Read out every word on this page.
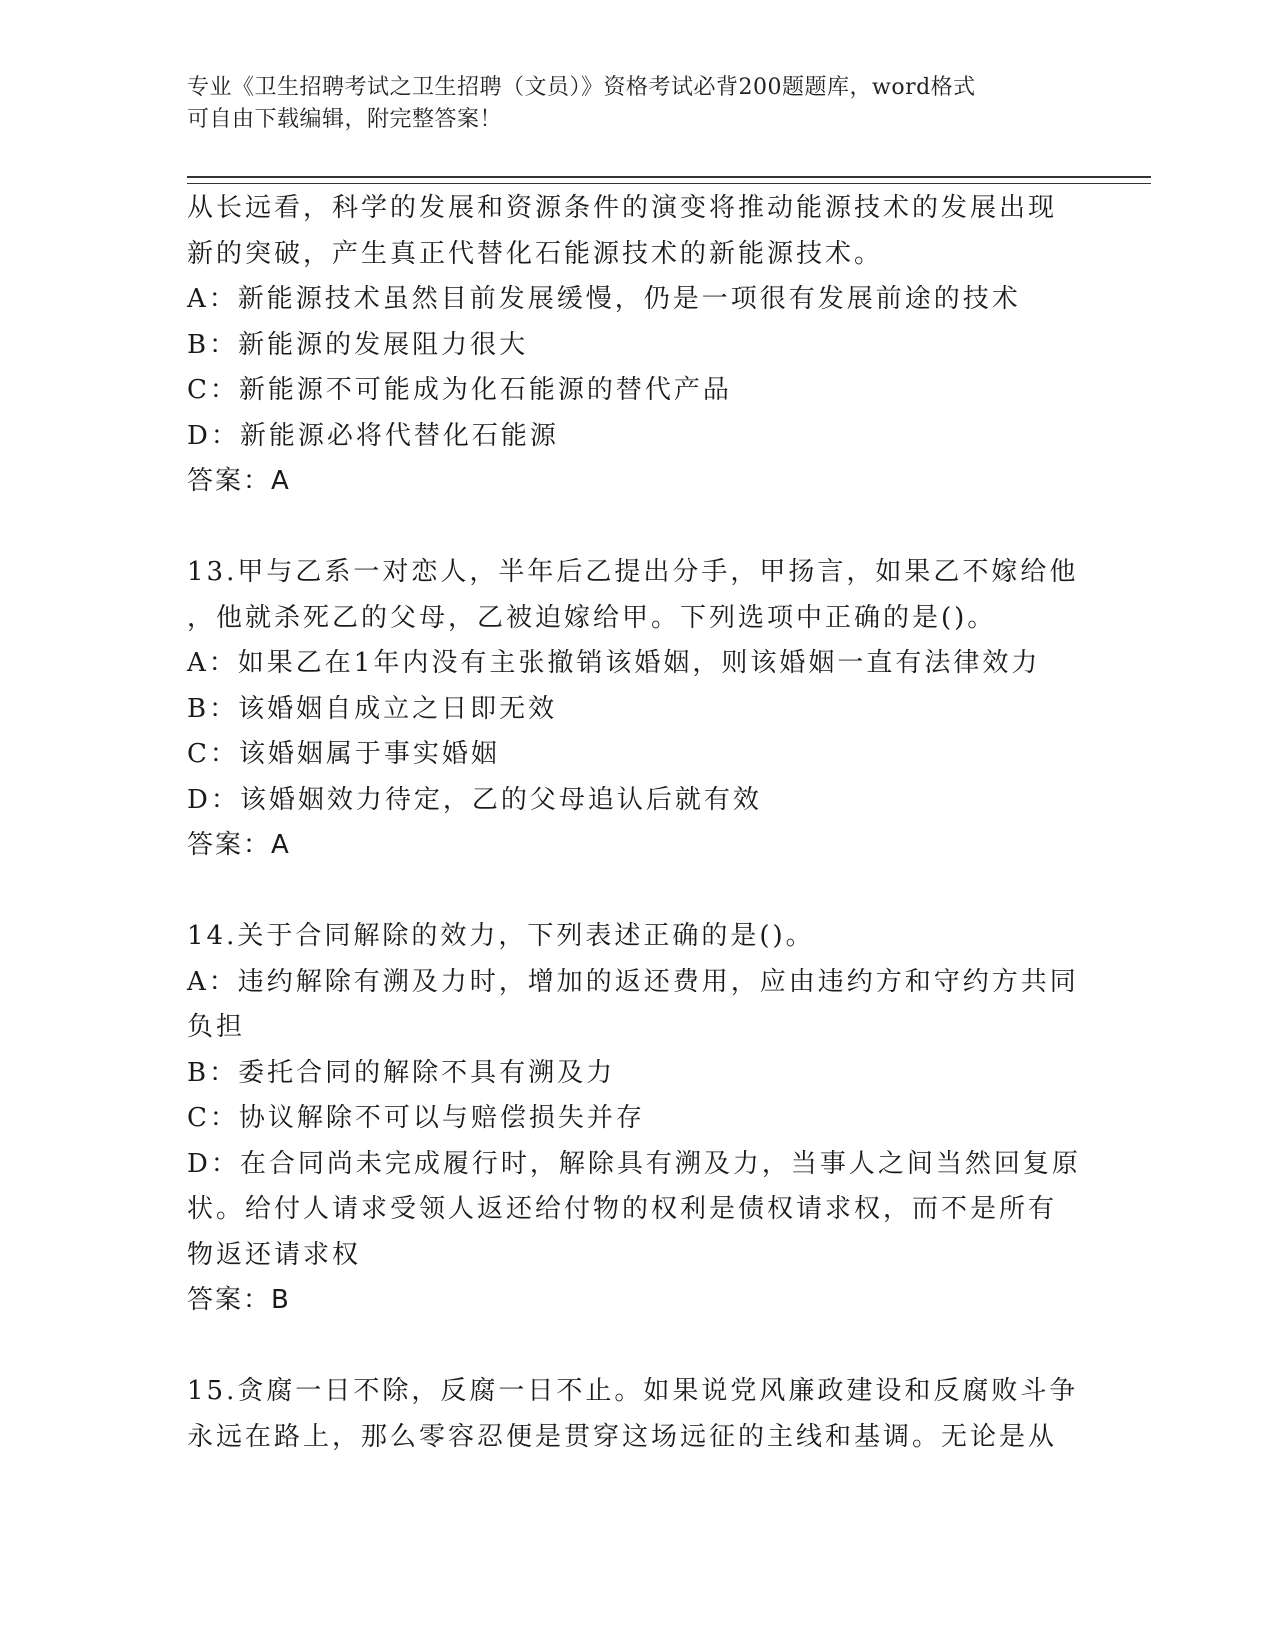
专业《卫生招聘考试之卫生招聘（文员）》资格考试必背200题题库，word格式
可自由下载编辑，附完整答案！
从长远看，科学的发展和资源条件的演变将推动能源技术的发展出现
新的突破，产生真正代替化石能源技术的新能源技术。
A：新能源技术虽然目前发展缓慢，仍是一项很有发展前途的技术
B：新能源的发展阻力很大
C：新能源不可能成为化石能源的替代产品
D：新能源必将代替化石能源
答案：A
13.甲与乙系一对恋人，半年后乙提出分手，甲扬言，如果乙不嫁给他
，他就杀死乙的父母，乙被迫嫁给甲。下列选项中正确的是()。
A：如果乙在1年内没有主张撤销该婚姻，则该婚姻一直有法律效力
B：该婚姻自成立之日即无效
C：该婚姻属于事实婚姻
D：该婚姻效力待定，乙的父母追认后就有效
答案：A
14.关于合同解除的效力，下列表述正确的是()。
A：违约解除有溯及力时，增加的返还费用，应由违约方和守约方共同
负担
B：委托合同的解除不具有溯及力
C：协议解除不可以与赔偿损失并存
D：在合同尚未完成履行时，解除具有溯及力，当事人之间当然回复原
状。给付人请求受领人返还给付物的权利是债权请求权，而不是所有
物返还请求权
答案：B
15.贪腐一日不除，反腐一日不止。如果说党风廉政建设和反腐败斗争
永远在路上，那么零容忍便是贯穿这场远征的主线和基调。无论是从
